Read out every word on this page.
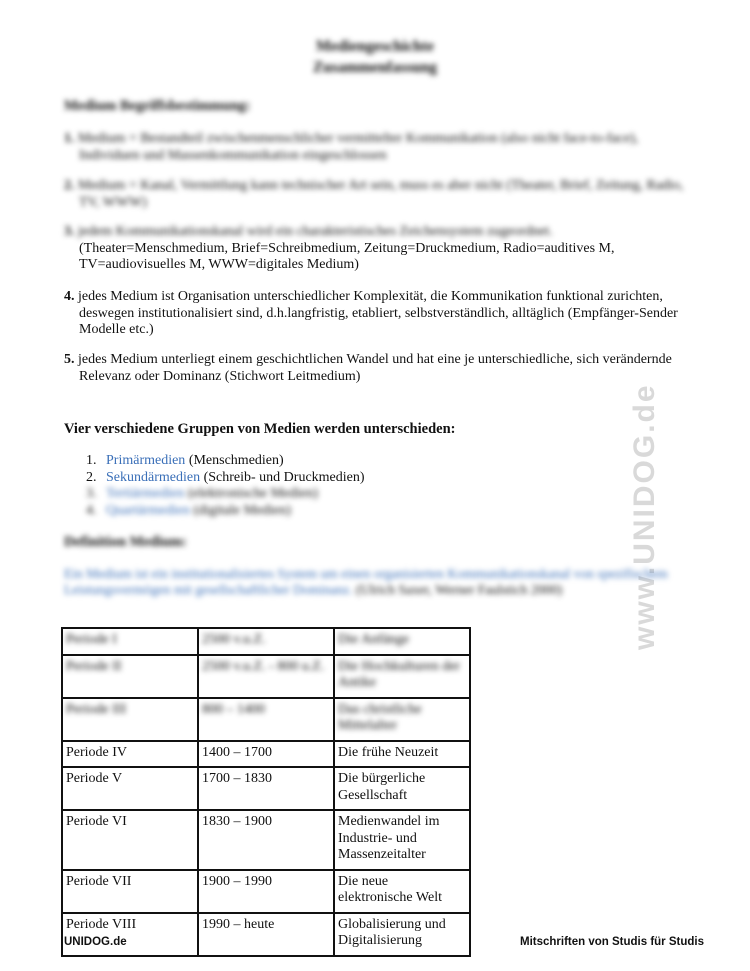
www.UNIDOG.de
Mediengeschichte
Zusammenfassung
Medium Begriffsbestimmung:
1. Medium = Bestandteil zwischenmenschlicher vermittelter Kommunikation (also nicht face-to-face),
Individuen und Massenkommunikation eingeschlossen
2. Medium = Kanal, Vermittlung kann technischer Art sein, muss es aber nicht (Theater, Brief, Zeitung, Radio,
TV, WWW)
3. jedem Kommunikationskanal wird ein charakteristisches Zeichensystem zugeordnet.
(Theater=Menschmedium, Brief=Schreibmedium, Zeitung=Druckmedium, Radio=auditives M,
TV=audiovisuelles M, WWW=digitales Medium)
4. jedes Medium ist Organisation unterschiedlicher Komplexität, die Kommunikation funktional zurichten,
deswegen institutionalisiert sind, d.h.langfristig, etabliert, selbstverständlich, alltäglich (Empfänger-Sender
Modelle etc.)
5. jedes Medium unterliegt einem geschichtlichen Wandel und hat eine je unterschiedliche, sich verändernde
Relevanz oder Dominanz (Stichwort Leitmedium)
Vier verschiedene Gruppen von Medien werden unterschieden:
1. Primärmedien (Menschmedien)
2. Sekundärmedien (Schreib- und Druckmedien)
3. Tertiärmedien (elektronische Medien)
4. Quartärmedien (digitale Medien)
Definition Medium:
Ein Medium ist ein institutionalisiertes System um einen organisierten Kommunikationskanal von spezifischem
Leistungsvermögen mit gesellschaftlicher Dominanz. (Ulrich Saxer, Werner Faulstich 2000)
Periode I	2500 v.u.Z.	Die Anfänge
Periode II	2500 v.u.Z. - 800 u.Z.	Die Hochkulturen der Antike
Periode III	800 – 1400	Das christliche Mittelalter
Periode IV	1400 – 1700	Die frühe Neuzeit
Periode V	1700 – 1830	Die bürgerliche Gesellschaft
Periode VI	1830 – 1900	Medienwandel im Industrie- und Massenzeitalter
Periode VII	1900 – 1990	Die neue elektronische Welt
Periode VIII	1990 – heute	Globalisierung und Digitalisierung
UNIDOG.de	Mitschriften von Studis für Studis
